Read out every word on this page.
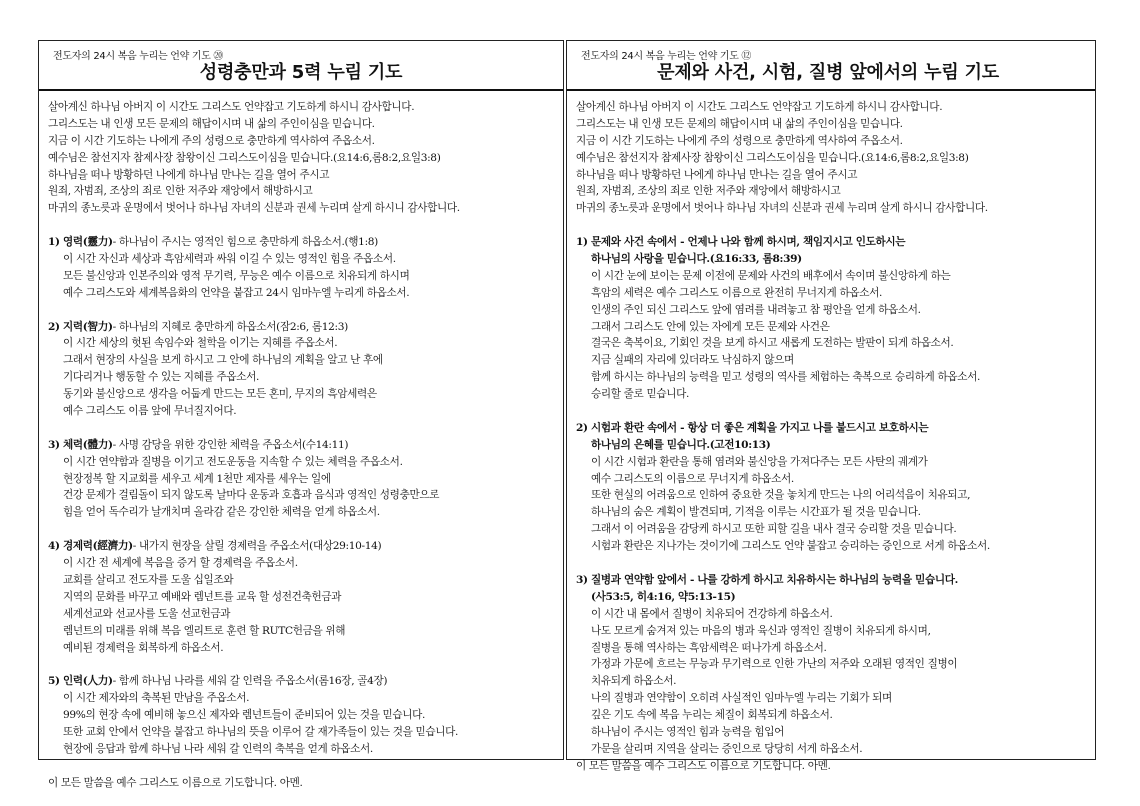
전도자의 24시 복음 누리는 언약 기도 ⑳
성령충만과 5력 누림 기도
살아계신 하나님 아버지 이 시간도 그리스도 언약잡고 기도하게 하시니 감사합니다.
그리스도는 내 인생 모든 문제의 해답이시며 내 삶의 주인이심을 믿습니다.
지금 이 시간 기도하는 나에게 주의 성령으로 충만하게 역사하여 주옵소서.
예수님은 참선지자 참제사장 참왕이신 그리스도이심을 믿습니다.(요14:6,롬8:2,요일3:8)
하나님을 떠나 방황하던 나에게 하나님 만나는 길을 열어 주시고
원죄, 자범죄, 조상의 죄로 인한 저주와 재앙에서 해방하시고
마귀의 종노릇과 운명에서 벗어나 하나님 자녀의 신분과 권세 누리며 살게 하시니 감사합니다.
1) 영력(靈力)- 하나님이 주시는 영적인 힘으로 충만하게 하옵소서.(행1:8)
이 시간 자신과 세상과 흑암세력과 싸워 이길 수 있는 영적인 힘을 주옵소서.
모든 불신앙과 인본주의와 영적 무기력, 무능은 예수 이름으로 치유되게 하시며
예수 그리스도와 세계복음화의 언약을 붙잡고 24시 임마누엘 누리게 하옵소서.
2) 지력(智力)- 하나님의 지혜로 충만하게 하옵소서(잠2:6, 롬12:3)
이 시간 세상의 헛된 속임수와 철학을 이기는 지혜를 주옵소서.
그래서 현장의 사실을 보게 하시고 그 안에 하나님의 계획을 알고 난 후에
기다리거나 행동할 수 있는 지혜를 주옵소서.
동기와 불신앙으로 생각을 어둡게 만드는 모든 혼미, 무지의 흑암세력은
예수 그리스도 이름 앞에 무너질지어다.
3) 체력(體力)- 사명 감당을 위한 강인한 체력을 주옵소서(수14:11)
이 시간 연약함과 질병을 이기고 전도운동을 지속할 수 있는 체력을 주옵소서.
현장정복 할 지교회를 세우고 세계 1천만 제자를 세우는 일에
건강 문제가 걸림돌이 되지 않도록 날마다 운동과 호흡과 음식과 영적인 성령충만으로
힘을 얻어 독수리가 날개치며 올라감 같은 강인한 체력을 얻게 하옵소서.
4) 경제력(經濟力)- 내가지 현장을 살릴 경제력을 주옵소서(대상29:10-14)
이 시간 전 세계에 복음을 증거 할 경제력을 주옵소서.
교회를 살리고 전도자를 도울 십일조와
지역의 문화를 바꾸고 예배와 렘넌트를 교육 할 성전건축헌금과
세계선교와 선교사를 도울 선교헌금과
렘넌트의 미래를 위해 복음 엘리트로 훈련 할 RUTC헌금을 위해
예비된 경제력을 회복하게 하옵소서.
5) 인력(人力)- 함께 하나님 나라를 세워 갈 인력을 주옵소서(롬16장, 골4장)
이 시간 제자와의 축복된 만남을 주옵소서.
99%의 현장 속에 예비해 놓으신 제자와 렘넌트들이 준비되어 있는 것을 믿습니다.
또한 교회 안에서 언약을 붙잡고 하나님의 뜻을 이루어 갈 재가족들이 있는 것을 믿습니다.
현장에 응답과 함께 하나님 나라 세워 갈 인력의 축복을 얻게 하옵소서.
이 모든 말씀을 예수 그리스도 이름으로 기도합니다. 아멘.
전도자의 24시 복음 누리는 언약 기도 ⑫
문제와 사건, 시험, 질병 앞에서의 누림 기도
살아계신 하나님 아버지 이 시간도 그리스도 언약잡고 기도하게 하시니 감사합니다.
그리스도는 내 인생 모든 문제의 해답이시며 내 삶의 주인이심을 믿습니다.
지금 이 시간 기도하는 나에게 주의 성령으로 충만하게 역사하여 주옵소서.
예수님은 참선지자 참제사장 참왕이신 그리스도이심을 믿습니다.(요14:6,롬8:2,요일3:8)
하나님을 떠나 방황하던 나에게 하나님 만나는 길을 열어 주시고
원죄, 자범죄, 조상의 죄로 인한 저주와 재앙에서 해방하시고
마귀의 종노릇과 운명에서 벗어나 하나님 자녀의 신분과 권세 누리며 살게 하시니 감사합니다.
1) 문제와 사건 속에서 - 언제나 나와 함께 하시며, 책임지시고 인도하시는
하나님의 사랑을 믿습니다.(요16:33, 롬8:39)
이 시간 눈에 보이는 문제 이전에 문제와 사건의 배후에서 속이며 불신앙하게 하는
흑암의 세력은 예수 그리스도 이름으로 완전히 무너지게 하옵소서.
인생의 주인 되신 그리스도 앞에 염려를 내려놓고 참 평안을 얻게 하옵소서.
그래서 그리스도 안에 있는 자에게 모든 문제와 사건은
결국은 축복이요, 기회인 것을 보게 하시고 새롭게 도전하는 발판이 되게 하옵소서.
지금 실패의 자리에 있더라도 낙심하지 않으며
함께 하시는 하나님의 능력을 믿고 성령의 역사를 체험하는 축복으로 승리하게 하옵소서.
승리할 줄로 믿습니다.
2) 시험과 환란 속에서 - 항상 더 좋은 계획을 가지고 나를 붙드시고 보호하시는
하나님의 은혜를 믿습니다.(고전10:13)
이 시간 시험과 환란을 통해 염려와 불신앙을 가져다주는 모든 사탄의 궤계가
예수 그리스도의 이름으로 무너지게 하옵소서.
또한 현실의 어려움으로 인하여 중요한 것을 놓치게 만드는 나의 어리석음이 치유되고,
하나님의 숨은 계획이 발견되며, 기적을 이루는 시간표가 될 것을 믿습니다.
그래서 이 어려움을 감당케 하시고 또한 피할 길을 내사 결국 승리할 것을 믿습니다.
시험과 환란은 지나가는 것이기에 그리스도 언약 붙잡고 승리하는 증인으로 서게 하옵소서.
3) 질병과 연약함 앞에서 - 나를 강하게 하시고 치유하시는 하나님의 능력을 믿습니다.
(사53:5, 히4:16, 약5:13-15)
이 시간 내 몸에서 질병이 치유되어 건강하게 하옵소서.
나도 모르게 숨겨져 있는 마음의 병과 육신과 영적인 질병이 치유되게 하시며,
질병을 통해 역사하는 흑암세력은 떠나가게 하옵소서.
가정과 가문에 흐르는 무능과 무기력으로 인한 가난의 저주와 오래된 영적인 질병이
치유되게 하옵소서.
나의 질병과 연약함이 오히려 사실적인 임마누엘 누리는 기회가 되며
깊은 기도 속에 복음 누리는 체질이 회복되게 하옵소서.
하나님이 주시는 영적인 힘과 능력을 힘입어
가문을 살리며 지역을 살리는 증인으로 당당히 서게 하옵소서.
이 모든 말씀을 예수 그리스도 이름으로 기도합니다. 아멘.
